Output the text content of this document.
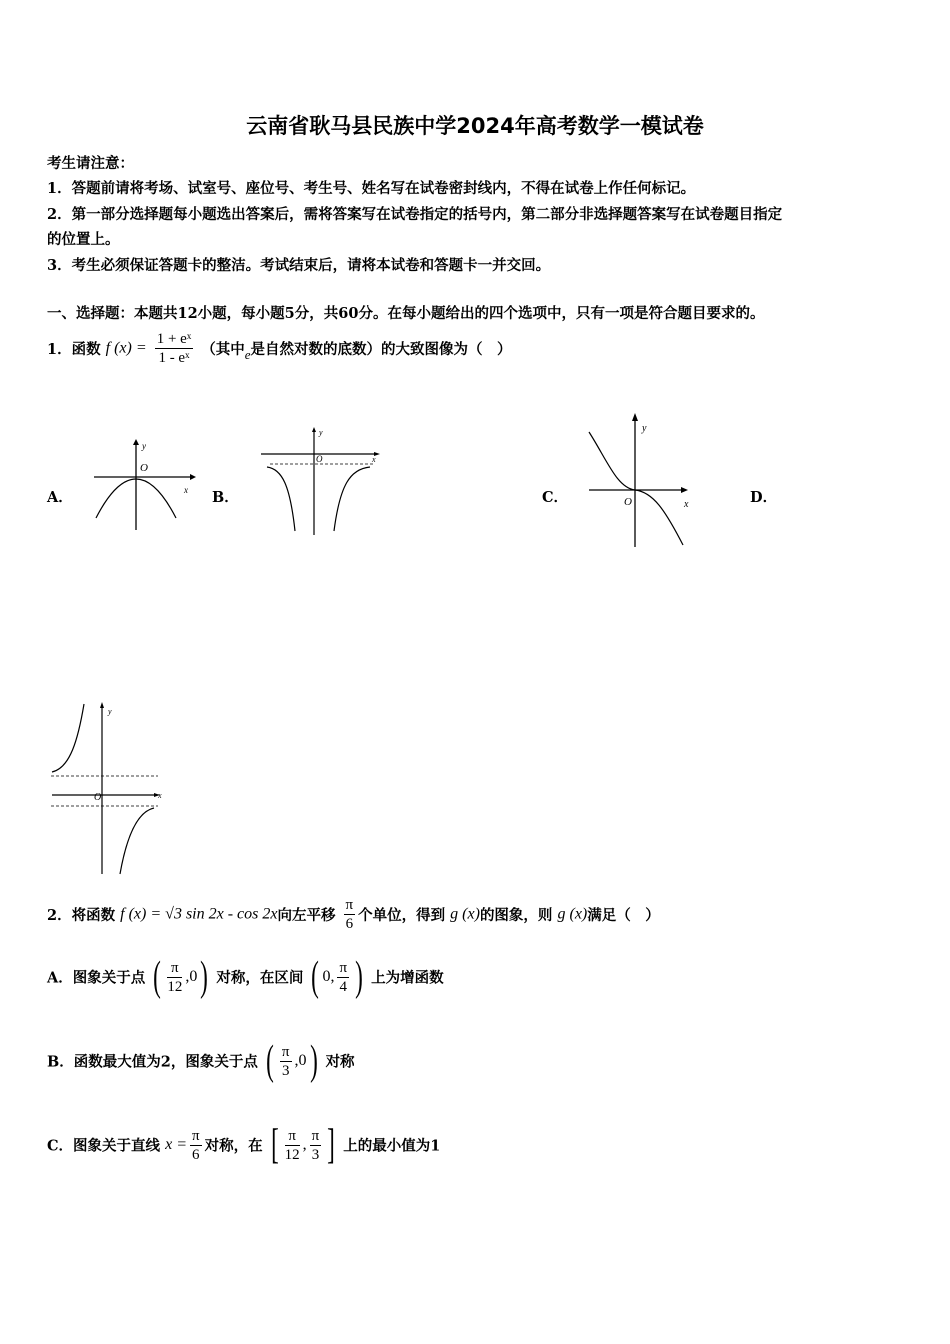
云南省耿马县民族中学2024年高考数学一模试卷
考生请注意：
1．答题前请将考场、试室号、座位号、考生号、姓名写在试卷密封线内，不得在试卷上作任何标记。
2．第一部分选择题每小题选出答案后，需将答案写在试卷指定的括号内，第二部分非选择题答案写在试卷题目指定
的位置上。
3．考生必须保证答题卡的整洁。考试结束后，请将本试卷和答题卡一并交回。
一、选择题：本题共12小题，每小题5分，共60分。在每小题给出的四个选项中，只有一项是符合题目要求的。
1．函数 f $(x) = \frac{\text{1 + eˣ}}{\text{1 - eˣ}}$ （其中e是自然对数的底数）的大致图像为（　）
A．	B．	C．	D．
y
O
x
y
O	x
y
O	x
y
O	x
2．将函数 f (x) = √3 sin 2x - cos 2x向左平移 $\frac{\pi}{6}$ 个单位，得到 g (x)的图象，则 g (x)满足（　）
A．图象关于点 ( $\frac{\pi}{12} ,0$) 对称，在区间 ( 0, $\frac{\pi}{4}$ ) 上为增函数
B．函数最大值为2，图象关于点 ( $\frac{\pi}{3} ,0$) 对称
C．图象关于直线 $x = \frac{\pi}{6}$ 对称，在 [ $\frac{\pi}{12}$ , $\frac{\pi}{3}$ ] 上的最小值为1
